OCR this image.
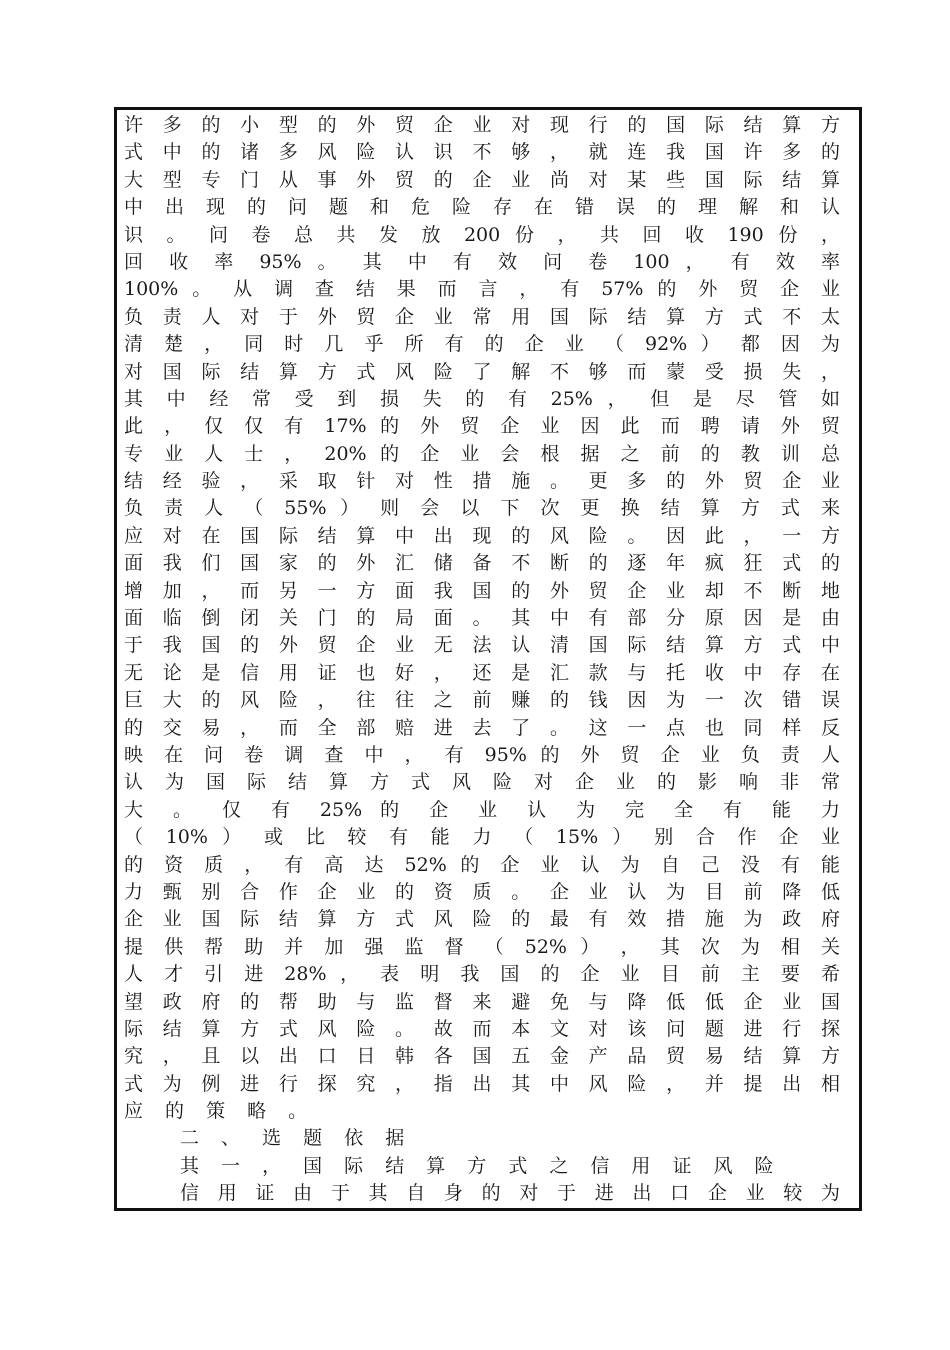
许 多 的 小 型 的 外 贸 企 业 对 现 行 的 国 际 结 算 方
式 中 的 诸 多 风 险 认 识 不 够 ， 就 连 我 国 许 多 的
大 型 专 门 从 事 外 贸 的 企 业 尚 对 某 些 国 际 结 算
中 出 现 的 问 题 和 危 险 存 在 错 误 的 理 解 和 认
识 。 问 卷 总 共 发 放 200 份 ， 共 回 收 190 份 ，
回 收 率 95% 。 其 中 有 效 问 卷 100 ， 有 效 率
100% 。 从 调 查 结 果 而 言 ， 有 57% 的 外 贸 企 业
负 责 人 对 于 外 贸 企 业 常 用 国 际 结 算 方 式 不 太
清 楚 ， 同 时 几 乎 所 有 的 企 业 （ 92% ） 都 因 为
对 国 际 结 算 方 式 风 险 了 解 不 够 而 蒙 受 损 失 ，
其 中 经 常 受 到 损 失 的 有 25% ， 但 是 尽 管 如
此 ， 仅 仅 有 17% 的 外 贸 企 业 因 此 而 聘 请 外 贸
专 业 人 士 ， 20% 的 企 业 会 根 据 之 前 的 教 训 总
结 经 验 ， 采 取 针 对 性 措 施 。 更 多 的 外 贸 企 业
负 责 人 （ 55% ） 则 会 以 下 次 更 换 结 算 方 式 来
应 对 在 国 际 结 算 中 出 现 的 风 险 。 因 此 ， 一 方
面 我 们 国 家 的 外 汇 储 备 不 断 的 逐 年 疯 狂 式 的
增 加 ， 而 另 一 方 面 我 国 的 外 贸 企 业 却 不 断 地
面 临 倒 闭 关 门 的 局 面 。 其 中 有 部 分 原 因 是 由
于 我 国 的 外 贸 企 业 无 法 认 清 国 际 结 算 方 式 中
无 论 是 信 用 证 也 好 ， 还 是 汇 款 与 托 收 中 存 在
巨 大 的 风 险 ， 往 往 之 前 赚 的 钱 因 为 一 次 错 误
的 交 易 ， 而 全 部 赔 进 去 了 。 这 一 点 也 同 样 反
映 在 问 卷 调 查 中 ， 有 95% 的 外 贸 企 业 负 责 人
认 为 国 际 结 算 方 式 风 险 对 企 业 的 影 响 非 常
大 。 仅 有 25% 的 企 业 认 为 完 全 有 能 力
（ 10% ） 或 比 较 有 能 力 （ 15% ） 别 合 作 企 业
的 资 质 ， 有 高 达 52% 的 企 业 认 为 自 己 没 有 能
力 甄 别 合 作 企 业 的 资 质 。 企 业 认 为 目 前 降 低
企 业 国 际 结 算 方 式 风 险 的 最 有 效 措 施 为 政 府
提 供 帮 助 并 加 强 监 督 （ 52% ） ， 其 次 为 相 关
人 才 引 进 28% ， 表 明 我 国 的 企 业 目 前 主 要 希
望 政 府 的 帮 助 与 监 督 来 避 免 与 降 低 低 企 业 国
际 结 算 方 式 风 险 。 故 而 本 文 对 该 问 题 进 行 探
究 ， 且 以 出 口 日 韩 各 国 五 金 产 品 贸 易 结 算 方
式 为 例 进 行 探 究 ， 指 出 其 中 风 险 ， 并 提 出 相
应 的 策 略 。
二 、 选 题 依 据
其 一 ， 国 际 结 算 方 式 之 信 用 证 风 险
信 用 证 由 于 其 自 身 的 对 于 进 出 口 企 业 较 为
